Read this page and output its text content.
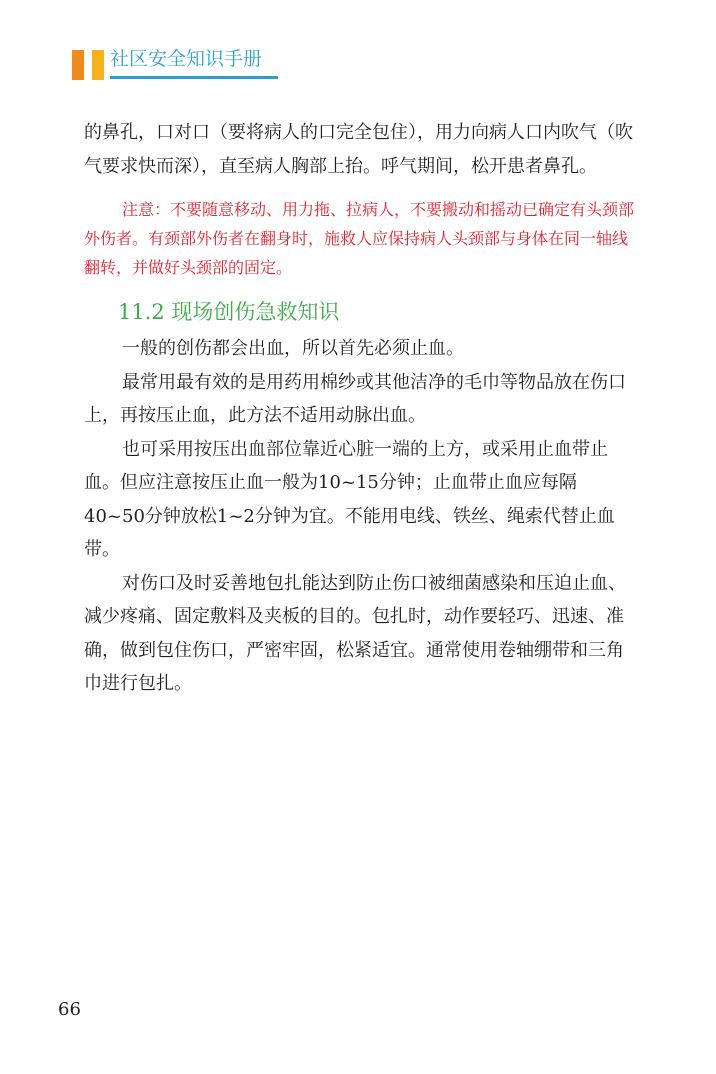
社区安全知识手册

的鼻孔，口对口（要将病人的口完全包住），用力向病人口内吹气（吹气要求快而深），直至病人胸部上抬。呼气期间，松开患者鼻孔。

注意：不要随意移动、用力拖、拉病人，不要搬动和摇动已确定有头颈部外伤者。有颈部外伤者在翻身时，施救人应保持病人头颈部与身体在同一轴线翻转，并做好头颈部的固定。

11.2 现场创伤急救知识

一般的创伤都会出血，所以首先必须止血。

最常用最有效的是用药用棉纱或其他洁净的毛巾等物品放在伤口上，再按压止血，此方法不适用动脉出血。

也可采用按压出血部位靠近心脏一端的上方，或采用止血带止血。但应注意按压止血一般为10~15分钟；止血带止血应每隔40~50分钟放松1~2分钟为宜。不能用电线、铁丝、绳索代替止血带。

对伤口及时妥善地包扎能达到防止伤口被细菌感染和压迫止血、减少疼痛、固定敷料及夹板的目的。包扎时，动作要轻巧、迅速、准确，做到包住伤口，严密牢固，松紧适宜。通常使用卷轴绷带和三角巾进行包扎。

66
